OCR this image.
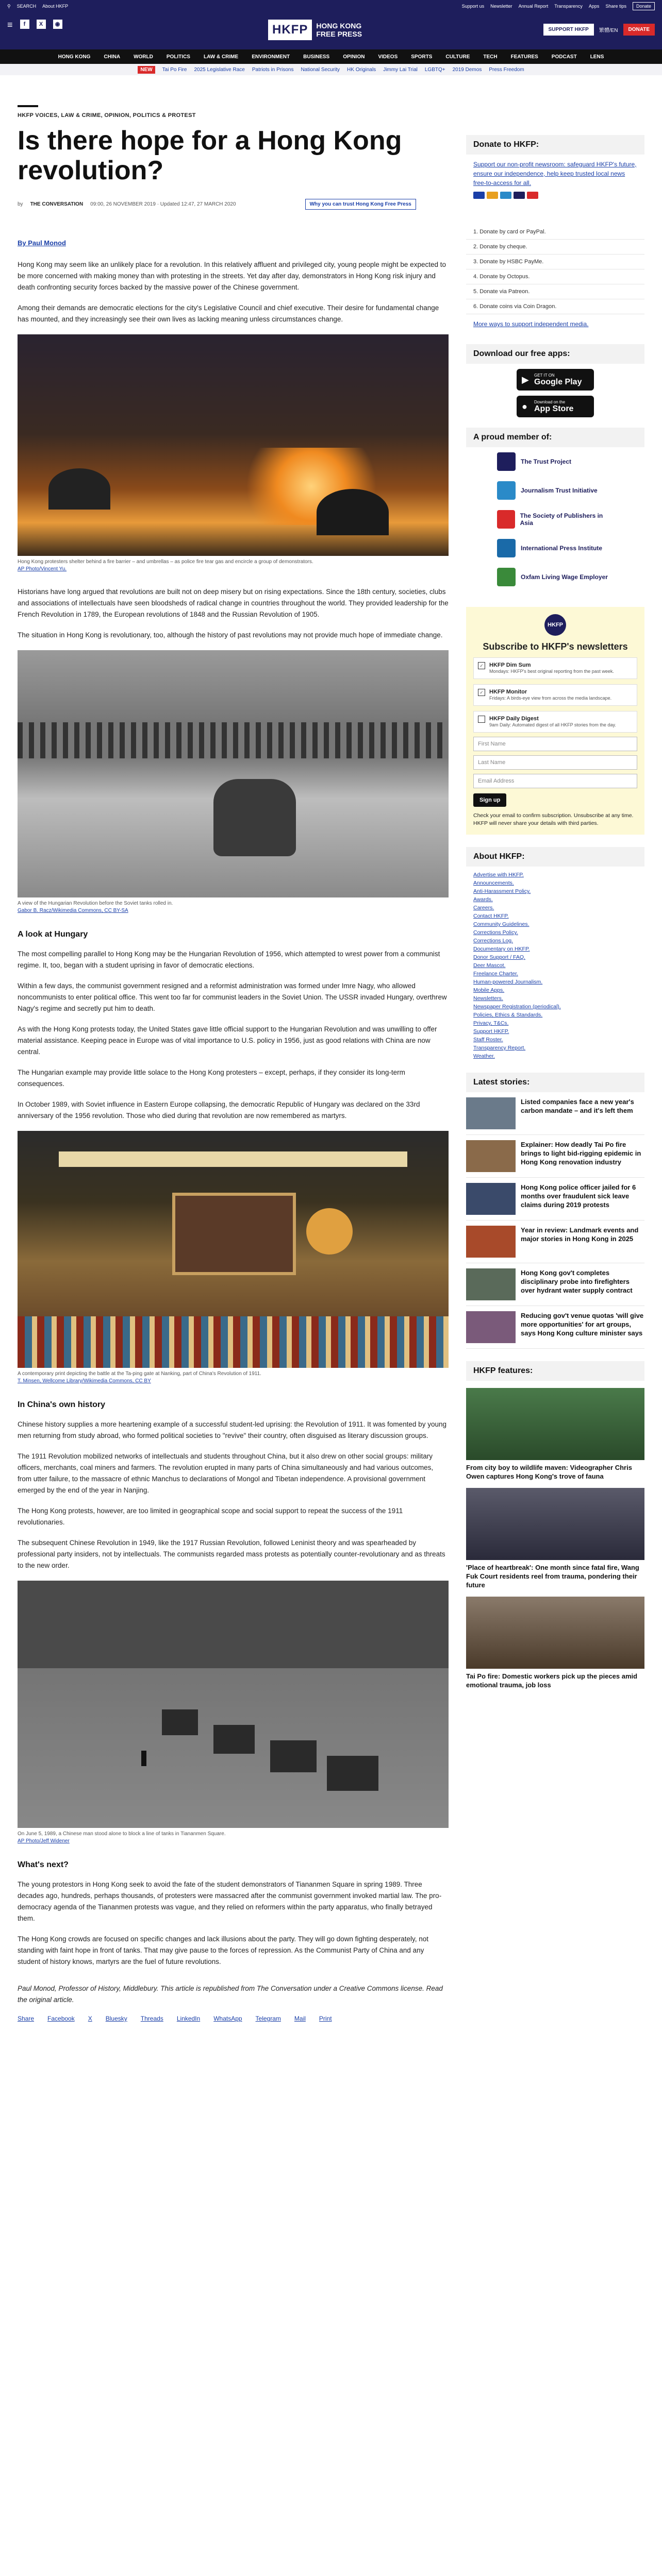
⚲ SEARCH About HKFP	Support us Newsletter Annual Report Transparency Apps Share tips	Donate
≡	f	X	◉	HKFP	HONG KONG
FREE PRESS
SUPPORT HKFP	繁體/EN	DONATE
HONG KONG	CHINA	WORLD	POLITICS	LAW & CRIME	ENVIRONMENT	BUSINESS	OPINION	VIDEOS	SPORTS	CULTURE	TECH	FEATURES	PODCAST	LENS
NEW	Tai Po Fire 2025 Legislative Race Patriots in Prisons National Security HK Originals Jimmy Lai Trial LGBTQ+ 2019 Demos Press Freedom
HKFP VOICES, LAW & CRIME, OPINION, POLITICS & PROTEST
Is there hope for a Hong Kong revolution?
by THE CONVERSATION 09:00, 26 NOVEMBER 2019 · Updated 12:47, 27 MARCH 2020	Why you can trust Hong Kong Free Press
By Paul Monod

Hong Kong may seem like an unlikely place for a revolution. In this relatively affluent and privileged city, young people might be expected to be more concerned with making money than with protesting in the streets. Yet day after day, demonstrators in Hong Kong risk injury and death confronting security forces backed by the massive power of the Chinese government.

Among their demands are democratic elections for the city's Legislative Council and chief executive. Their desire for fundamental change has mounted, and they increasingly see their own lives as lacking meaning unless circumstances change.

Hong Kong protesters shelter behind a fire barrier – and umbrellas – as police fire tear gas and encircle a group of demonstrators.
AP Photo/Vincent Yu.

Historians have long argued that revolutions are built not on deep misery but on rising expectations. Since the 18th century, societies, clubs and associations of intellectuals have seen bloodsheds of radical change in countries throughout the world. They provided leadership for the French Revolution in 1789, the European revolutions of 1848 and the Russian Revolution of 1905.

The situation in Hong Kong is revolutionary, too, although the history of past revolutions may not provide much hope of immediate change.

A view of the Hungarian Revolution before the Soviet tanks rolled in.
Gabor B. Racz/Wikimedia Commons, CC BY-SA
A look at Hungary

The most compelling parallel to Hong Kong may be the Hungarian Revolution of 1956, which attempted to wrest power from a communist regime. It, too, began with a student uprising in favor of democratic elections.

Within a few days, the communist government resigned and a reformist administration was formed under Imre Nagy, who allowed noncommunists to enter political office. This went too far for communist leaders in the Soviet Union. The USSR invaded Hungary, overthrew Nagy's regime and secretly put him to death.

As with the Hong Kong protests today, the United States gave little official support to the Hungarian Revolution and was unwilling to offer material assistance. Keeping peace in Europe was of vital importance to U.S. policy in 1956, just as good relations with China are now central.

The Hungarian example may provide little solace to the Hong Kong protesters – except, perhaps, if they consider its long-term consequences.

In October 1989, with Soviet influence in Eastern Europe collapsing, the democratic Republic of Hungary was declared on the 33rd anniversary of the 1956 revolution. Those who died during that revolution are now remembered as martyrs.

A contemporary print depicting the battle at the Ta-ping gate at Nanking, part of China's Revolution of 1911.
T. Minsen, Wellcome Library/Wikimedia Commons, CC BY
In China's own history

Chinese history supplies a more heartening example of a successful student-led uprising: the Revolution of 1911. It was fomented by young men returning from study abroad, who formed political societies to "revive" their country, often disguised as literary discussion groups.

The 1911 Revolution mobilized networks of intellectuals and students throughout China, but it also drew on other social groups: military officers, merchants, coal miners and farmers. The revolution erupted in many parts of China simultaneously and had various outcomes, from utter failure, to the massacre of ethnic Manchus to declarations of Mongol and Tibetan independence. A provisional government emerged by the end of the year in Nanjing.

The Hong Kong protests, however, are too limited in geographical scope and social support to repeat the success of the 1911 revolutionaries.

The subsequent Chinese Revolution in 1949, like the 1917 Russian Revolution, followed Leninist theory and was spearheaded by professional party insiders, not by intellectuals. The communists regarded mass protests as potentially counter-revolutionary and as threats to the new order.

On June 5, 1989, a Chinese man stood alone to block a line of tanks in Tiananmen Square.
AP Photo/Jeff Widener
What's next?

The young protestors in Hong Kong seek to avoid the fate of the student demonstrators of Tiananmen Square in spring 1989. Three decades ago, hundreds, perhaps thousands, of protesters were massacred after the communist government invoked martial law. The pro-democracy agenda of the Tiananmen protests was vague, and they relied on reformers within the party apparatus, who finally betrayed them.

The Hong Kong crowds are focused on specific changes and lack illusions about the party. They will go down fighting desperately, not standing with faint hope in front of tanks. That may give pause to the forces of repression. As the Communist Party of China and any student of history knows, martyrs are the fuel of future revolutions.

Paul Monod, Professor of History, Middlebury. This article is republished from The Conversation under a Creative Commons license. Read the original article.

Share Facebook X Bluesky Threads LinkedIn WhatsApp Telegram Mail Print
Donate to HKFP:
Support our non-profit newsroom: safeguard HKFP's future, ensure our independence, help keep trusted local news free-to-access for all.
1. Donate by card or PayPal.
2. Donate by cheque.
3. Donate by HSBC PayMe.
4. Donate by Octopus.
5. Donate via Patreon.
6. Donate coins via Coin Dragon.
More ways to support independent media.
Download our free apps:
▶ GET IT ON
Google Play
● Download on the
App Store
A proud member of:
The Trust Project
Journalism Trust Initiative
The Society of Publishers in Asia
International Press Institute
Oxfam Living Wage Employer
HKFP
Subscribe to HKFP's newsletters
✓ HKFP Dim Sum
Mondays: HKFP's best original reporting from the past week.
✓ HKFP Monitor
Fridays: A birds-eye view from across the media landscape.
HKFP Daily Digest
9am Daily: Automated digest of all HKFP stories from the day.
First Name
Last Name
Email Address
Sign up

Check your email to confirm subscription. Unsubscribe at any time. HKFP will never share your details with third parties.

About HKFP:
Advertise with HKFP.
Announcements.
Anti-Harassment Policy.
Awards.
Careers.
Contact HKFP.
Community Guidelines.
Corrections Policy.
Corrections Log.
Documentary on HKFP.
Donor Support / FAQ.
Deer Mascot.
Freelance Charter.
Human-powered Journalism.
Mobile Apps.
Newsletters.
Newspaper Registration (periodical).
Policies, Ethics & Standards.
Privacy, T&Cs.
Support HKFP.
Staff Roster.
Transparency Report.
Weather.
Latest stories:
Listed companies face a new year's carbon mandate – and it's left them
Explainer: How deadly Tai Po fire brings to light bid-rigging epidemic in Hong Kong renovation industry
Hong Kong police officer jailed for 6 months over fraudulent sick leave claims during 2019 protests
Year in review: Landmark events and major stories in Hong Kong in 2025
Hong Kong gov't completes disciplinary probe into firefighters over hydrant water supply contract
Reducing gov't venue quotas 'will give more opportunities' for art groups, says Hong Kong culture minister says
HKFP features:
From city boy to wildlife maven: Videographer Chris Owen captures Hong Kong's trove of fauna
'Place of heartbreak': One month since fatal fire, Wang Fuk Court residents reel from trauma, pondering their future
Tai Po fire: Domestic workers pick up the pieces amid emotional trauma, job loss
